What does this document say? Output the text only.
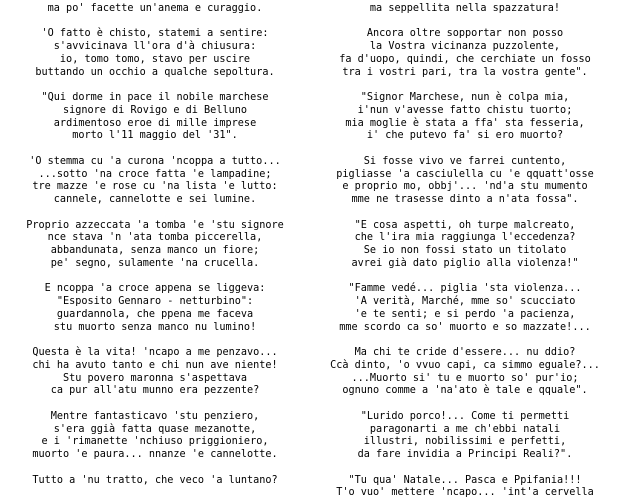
ma po' facette un'anema e curaggio.
'O fatto è chisto, statemi a sentire:
s'avvicinava ll'ora d'à chiusura:
io, tomo tomo, stavo per uscire
buttando un occhio a qualche sepoltura.
"Qui dorme in pace il nobile marchese
signore di Rovigo e di Belluno
ardimentoso eroe di mille imprese
morto l'11 maggio del '31".
'O stemma cu 'a curona 'ncoppa a tutto...
...sotto 'na croce fatta 'e lampadine;
tre mazze 'e rose cu 'na lista 'e lutto:
cannele, cannelotte e sei lumine.
Proprio azzeccata 'a tomba 'e 'stu signore
nce stava 'n 'ata tomba piccerella,
abbandunata, senza manco un fiore;
pe' segno, sulamente 'na crucella.
E ncoppa 'a croce appena se liggeva:
"Esposito Gennaro - netturbino":
guardannola, che ppena me faceva
stu muorto senza manco nu lumino!
Questa è la vita! 'ncapo a me penzavo...
chi ha avuto tanto e chi nun ave niente!
Stu povero maronna s'aspettava
ca pur all'atu munno era pezzente?
Mentre fantasticavo 'stu penziero,
s'era ggià fatta quase mezanotte,
e i 'rimanette 'nchiuso priggioniero,
muorto 'e paura... nnanze 'e cannelotte.
Tutto a 'nu tratto, che veco 'a luntano?
ma seppellita nella spazzatura!
Ancora oltre sopportar non posso
la Vostra vicinanza puzzolente,
fa d'uopo, quindi, che cerchiate un fosso
tra i vostri pari, tra la vostra gente".
"Signor Marchese, nun è colpa mia,
i'nun v'avesse fatto chistu tuorto;
mia moglie è stata a ffa' sta fesseria,
i' che putevo fa' si ero muorto?
Si fosse vivo ve farrei cuntento,
pigliasse 'a casciulella cu 'e qquatt'osse
e proprio mo, obbj'... 'nd'a stu mumento
mme ne trasesse dinto a n'ata fossa".
"E cosa aspetti, oh turpe malcreato,
che l'ira mia raggiunga l'eccedenza?
Se io non fossi stato un titolato
avrei già dato piglio alla violenza!"
"Famme vedé... piglia 'sta violenza...
'A verità, Marché, mme so' scucciato
'e te senti; e si perdo 'a pacienza,
mme scordo ca so' muorto e so mazzate!...
Ma chi te cride d'essere... nu ddio?
Ccà dinto, 'o vvuo capi, ca simmo eguale?...
...Muorto si' tu e muorto so' pur'io;
ognuno comme a 'na'ato è tale e qquale".
"Lurido porco!... Come ti permetti
paragonarti a me ch'ebbi natali
illustri, nobilissimi e perfetti,
da fare invidia a Principi Reali?".
"Tu qua' Natale... Pasca e Ppifania!!!
T'o vuo' mettere 'ncapo... 'int'a cervella
